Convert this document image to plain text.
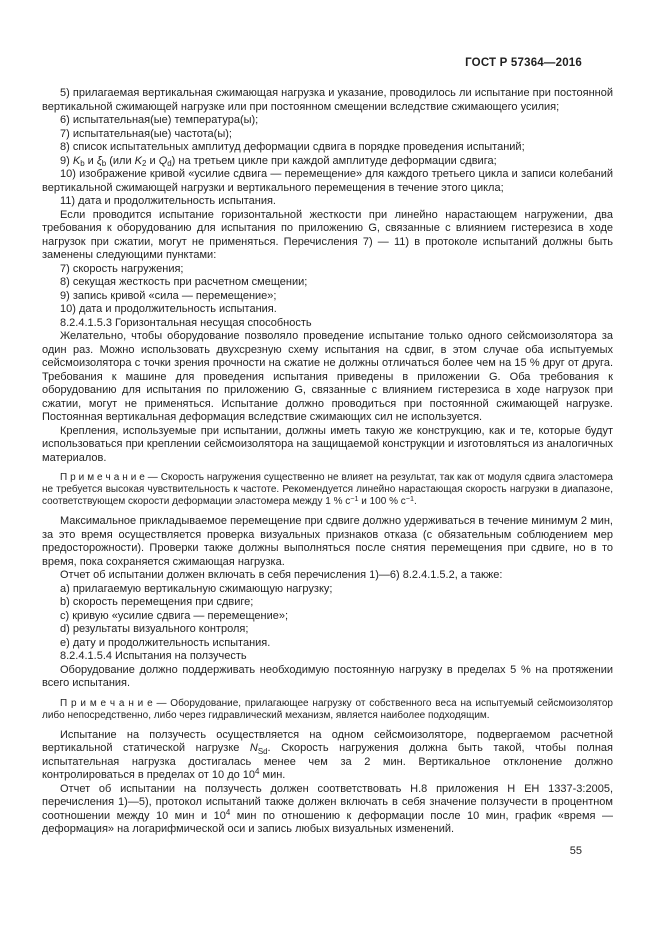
ГОСТ Р 57364—2016

5) прилагаемая вертикальная сжимающая нагрузка и указание, проводилось ли испытание при постоянной вертикальной сжимающей нагрузке или при постоянном смещении вследствие сжимающего усилия;

6) испытательная(ые) температура(ы);

7) испытательная(ые) частота(ы);

8) список испытательных амплитуд деформации сдвига в порядке проведения испытаний;

9) $K_b$ и $\xi_b$ (или $K_2$ и $Q_d$) на третьем цикле при каждой амплитуде деформации сдвига;

10) изображение кривой «усилие сдвига — перемещение» для каждого третьего цикла и записи колебаний вертикальной сжимающей нагрузки и вертикального перемещения в течение этого цикла;

11) дата и продолжительность испытания.

Если проводится испытание горизонтальной жесткости при линейно нарастающем нагружении, два требования к оборудованию для испытания по приложению G, связанные с влиянием гистерезиса в ходе нагрузок при сжатии, могут не применяться. Перечисления 7) — 11) в протоколе испытаний должны быть заменены следующими пунктами:

7) скорость нагружения;

8) секущая жесткость при расчетном смещении;

9) запись кривой «сила — перемещение»;

10) дата и продолжительность испытания.

8.2.4.1.5.3 Горизонтальная несущая способность

Желательно, чтобы оборудование позволяло проведение испытание только одного сейсмоизолятора за один раз. Можно использовать двухсрезную схему испытания на сдвиг, в этом случае оба испытуемых сейсмоизолятора с точки зрения прочности на сжатие не должны отличаться более чем на 15 % друг от друга. Требования к машине для проведения испытания приведены в приложении G. Оба требования к оборудованию для испытания по приложению G, связанные с влиянием гистерезиса в ходе нагрузок при сжатии, могут не применяться. Испытание должно проводиться при постоянной сжимающей нагрузке. Постоянная вертикальная деформация вследствие сжимающих сил не используется.

Крепления, используемые при испытании, должны иметь такую же конструкцию, как и те, которые будут использоваться при креплении сейсмоизолятора на защищаемой конструкции и изготовляться из аналогичных материалов.

П р и м е ч а н и е — Скорость нагружения существенно не влияет на результат, так как от модуля сдвига эластомера не требуется высокая чувствительность к частоте. Рекомендуется линейно нарастающая скорость нагрузки в диапазоне, соответствующем скорости деформации эластомера между 1 % $с^{-1}$ и 100 % $с^{-1}$.

Максимальное прикладываемое перемещение при сдвиге должно удерживаться в течение минимум 2 мин, за это время осуществляется проверка визуальных признаков отказа (с обязательным соблюдением мер предосторожности). Проверки также должны выполняться после снятия перемещения при сдвиге, но в то время, пока сохраняется сжимающая нагрузка.

Отчет об испытании должен включать в себя перечисления 1)—6) 8.2.4.1.5.2, а также:

a) прилагаемую вертикальную сжимающую нагрузку;

b) скорость перемещения при сдвиге;

c) кривую «усилие сдвига — перемещение»;

d) результаты визуального контроля;

e) дату и продолжительность испытания.

8.2.4.1.5.4 Испытания на ползучесть

Оборудование должно поддерживать необходимую постоянную нагрузку в пределах 5 % на протяжении всего испытания.

П р и м е ч а н и е — Оборудование, прилагающее нагрузку от собственного веса на испытуемый сейсмоизолятор либо непосредственно, либо через гидравлический механизм, является наиболее подходящим.

Испытание на ползучесть осуществляется на одном сейсмоизоляторе, подвергаемом расчетной вертикальной статической нагрузке $N_{Sd}$. Скорость нагружения должна быть такой, чтобы полная испытательная нагрузка достигалась менее чем за 2 мин. Вертикальное отклонение должно контролироваться в пределах от 10 до $10^4$ мин.

Отчет об испытании на ползучесть должен соответствовать Н.8 приложения Н ЕН 1337-3:2005, перечисления 1)—5), протокол испытаний также должен включать в себя значение ползучести в процентном соотношении между 10 мин и $10^4$ мин по отношению к деформации после 10 мин, график «время — деформация» на логарифмической оси и запись любых визуальных изменений.

55
